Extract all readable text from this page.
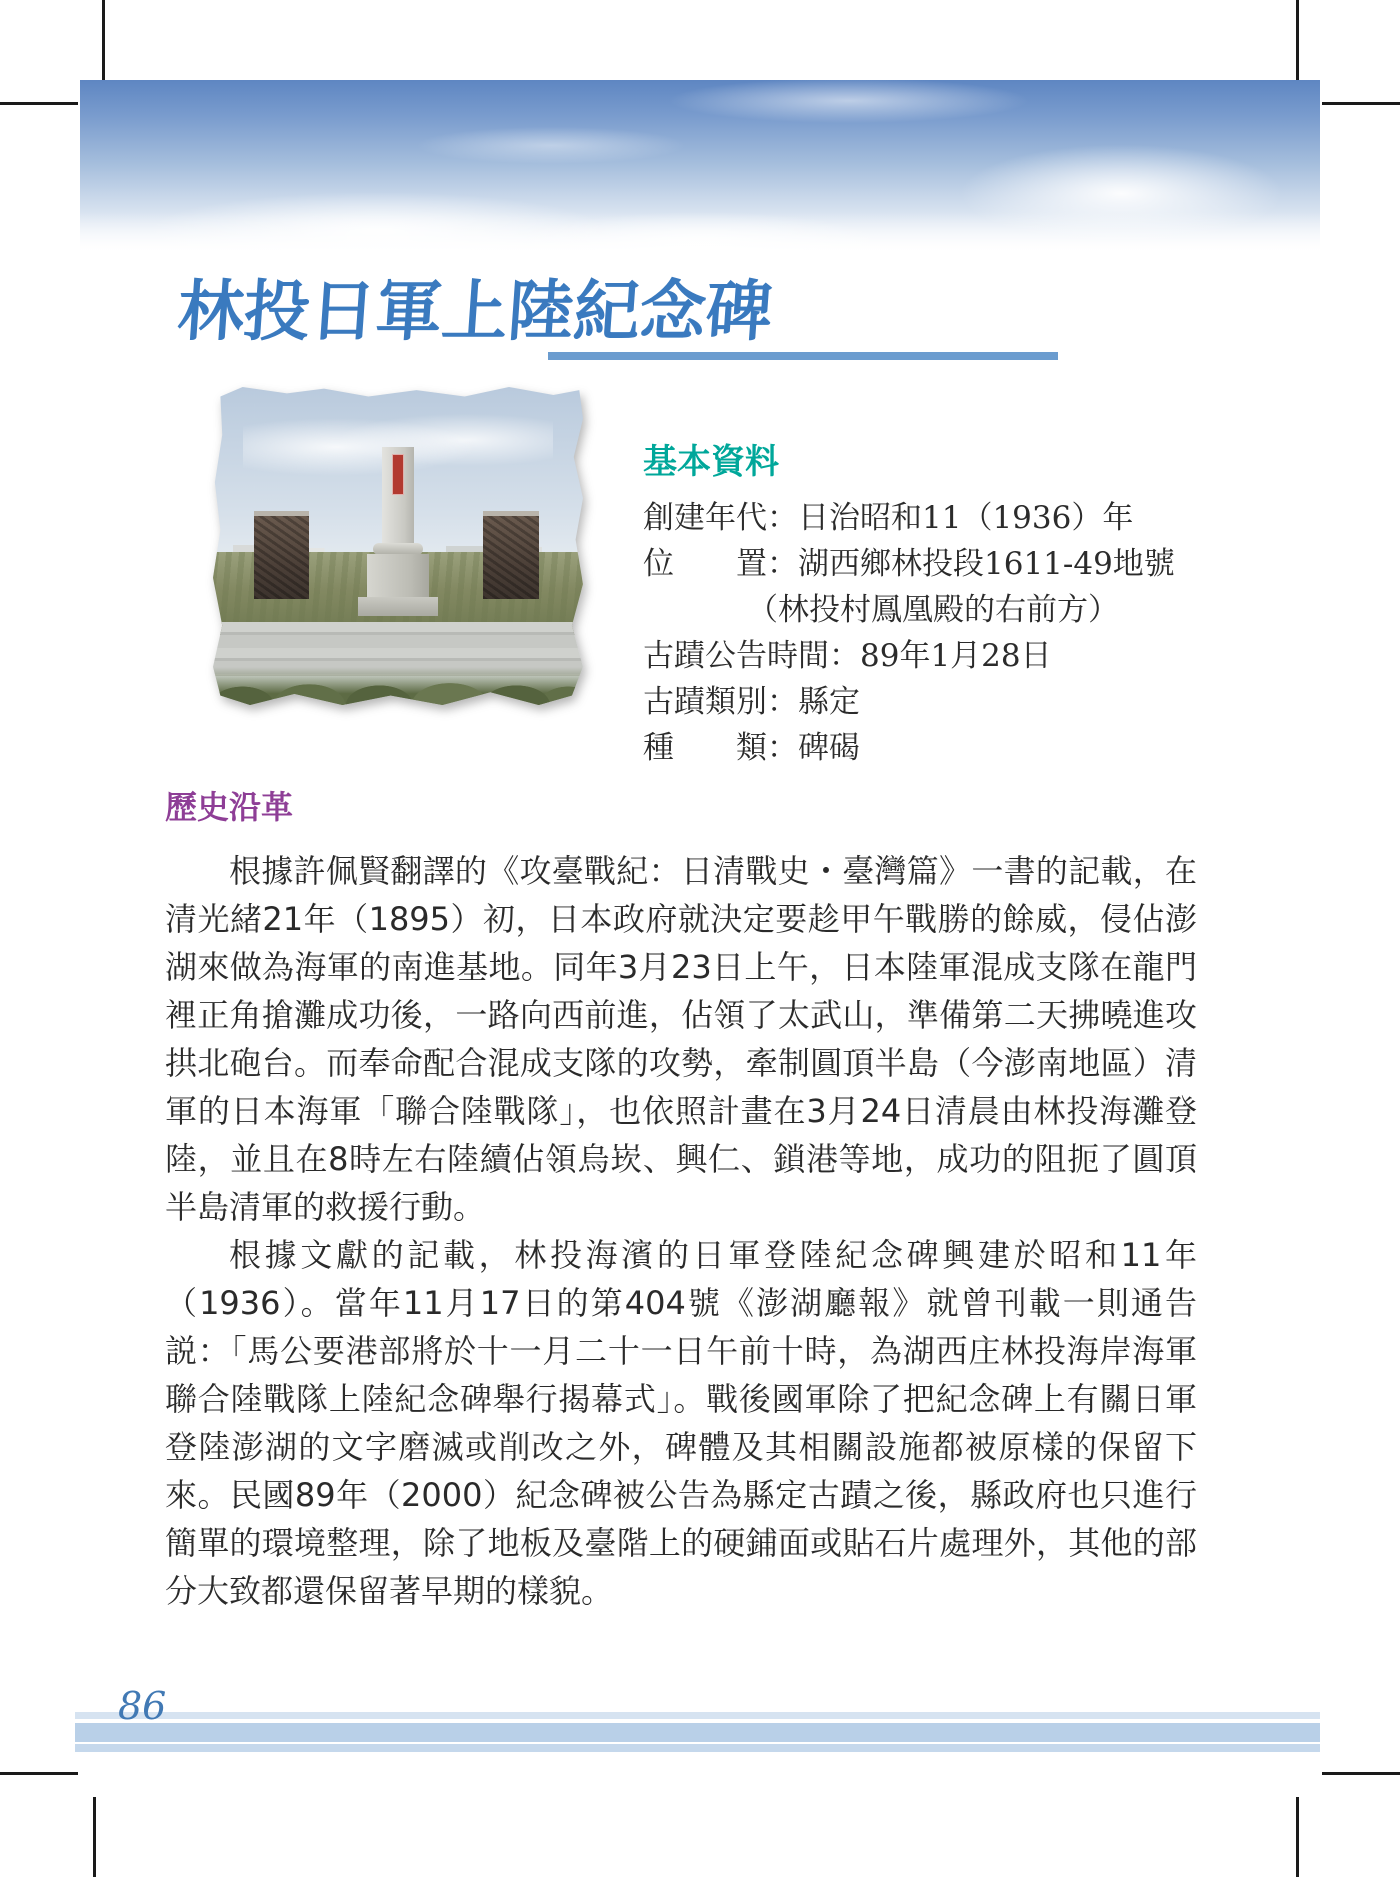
林投日軍上陸紀念碑
基本資料
創建年代：日治昭和11（1936）年
位　　置：湖西鄉林投段1611-49地號
（林投村鳳凰殿的右前方）
古蹟公告時間：89年1月28日
古蹟類別：縣定
種　　類：碑碣
歷史沿革

根據許佩賢翻譯的《攻臺戰紀：日清戰史・臺灣篇》一書的記載，在清光緒21年（1895）初，日本政府就決定要趁甲午戰勝的餘威，侵佔澎湖來做為海軍的南進基地。同年3月23日上午，日本陸軍混成支隊在龍門裡正角搶灘成功後，一路向西前進，佔領了太武山，準備第二天拂曉進攻拱北砲台。而奉命配合混成支隊的攻勢，牽制圓頂半島（今澎南地區）清軍的日本海軍「聯合陸戰隊」，也依照計畫在3月24日清晨由林投海灘登陸，並且在8時左右陸續佔領烏崁、興仁、鎖港等地，成功的阻扼了圓頂半島清軍的救援行動。

根據文獻的記載，林投海濱的日軍登陸紀念碑興建於昭和11年（1936）。當年11月17日的第404號《澎湖廳報》就曾刊載一則通告説：「馬公要港部將於十一月二十一日午前十時，為湖西庄林投海岸海軍聯合陸戰隊上陸紀念碑舉行揭幕式」。戰後國軍除了把紀念碑上有關日軍登陸澎湖的文字磨滅或削改之外，碑體及其相關設施都被原樣的保留下來。民國89年（2000）紀念碑被公告為縣定古蹟之後，縣政府也只進行簡單的環境整理，除了地板及臺階上的硬鋪面或貼石片處理外，其他的部分大致都還保留著早期的樣貌。

86
